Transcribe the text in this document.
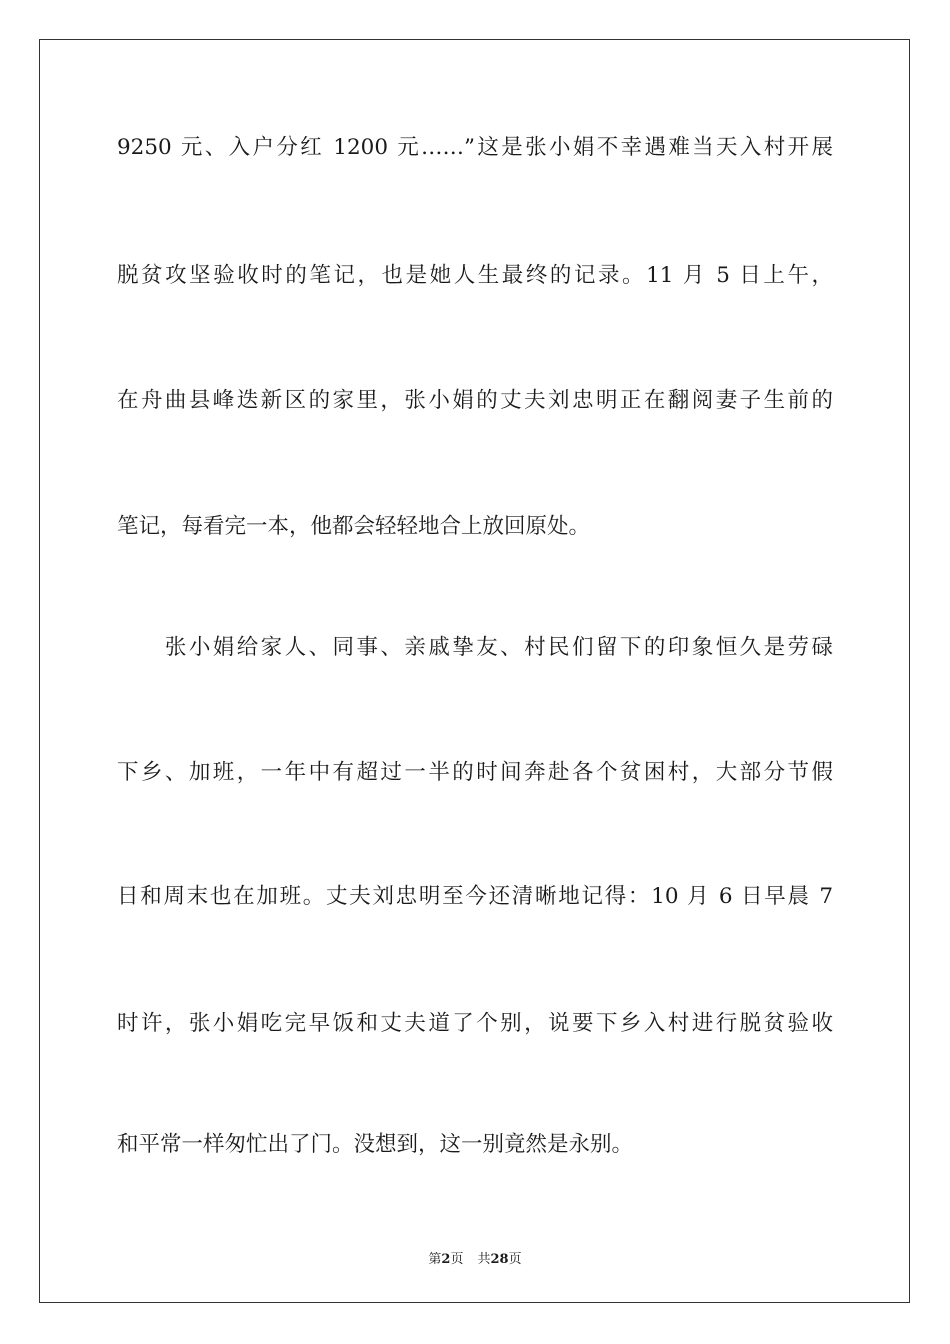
9250 元、入户分红 1200 元……”这是张小娟不幸遇难当天入村开展
脱贫攻坚验收时的笔记，也是她人生最终的记录。11 月 5 日上午，
在舟曲县峰迭新区的家里，张小娟的丈夫刘忠明正在翻阅妻子生前的
笔记，每看完一本，他都会轻轻地合上放回原处。
　　张小娟给家人、同事、亲戚挚友、村民们留下的印象恒久是劳碌
下乡、加班，一年中有超过一半的时间奔赴各个贫困村，大部分节假
日和周末也在加班。丈夫刘忠明至今还清晰地记得：10 月 6 日早晨 7
时许，张小娟吃完早饭和丈夫道了个别，说要下乡入村进行脱贫验收
和平常一样匆忙出了门。没想到，这一别竟然是永别。
第2页 共28页
